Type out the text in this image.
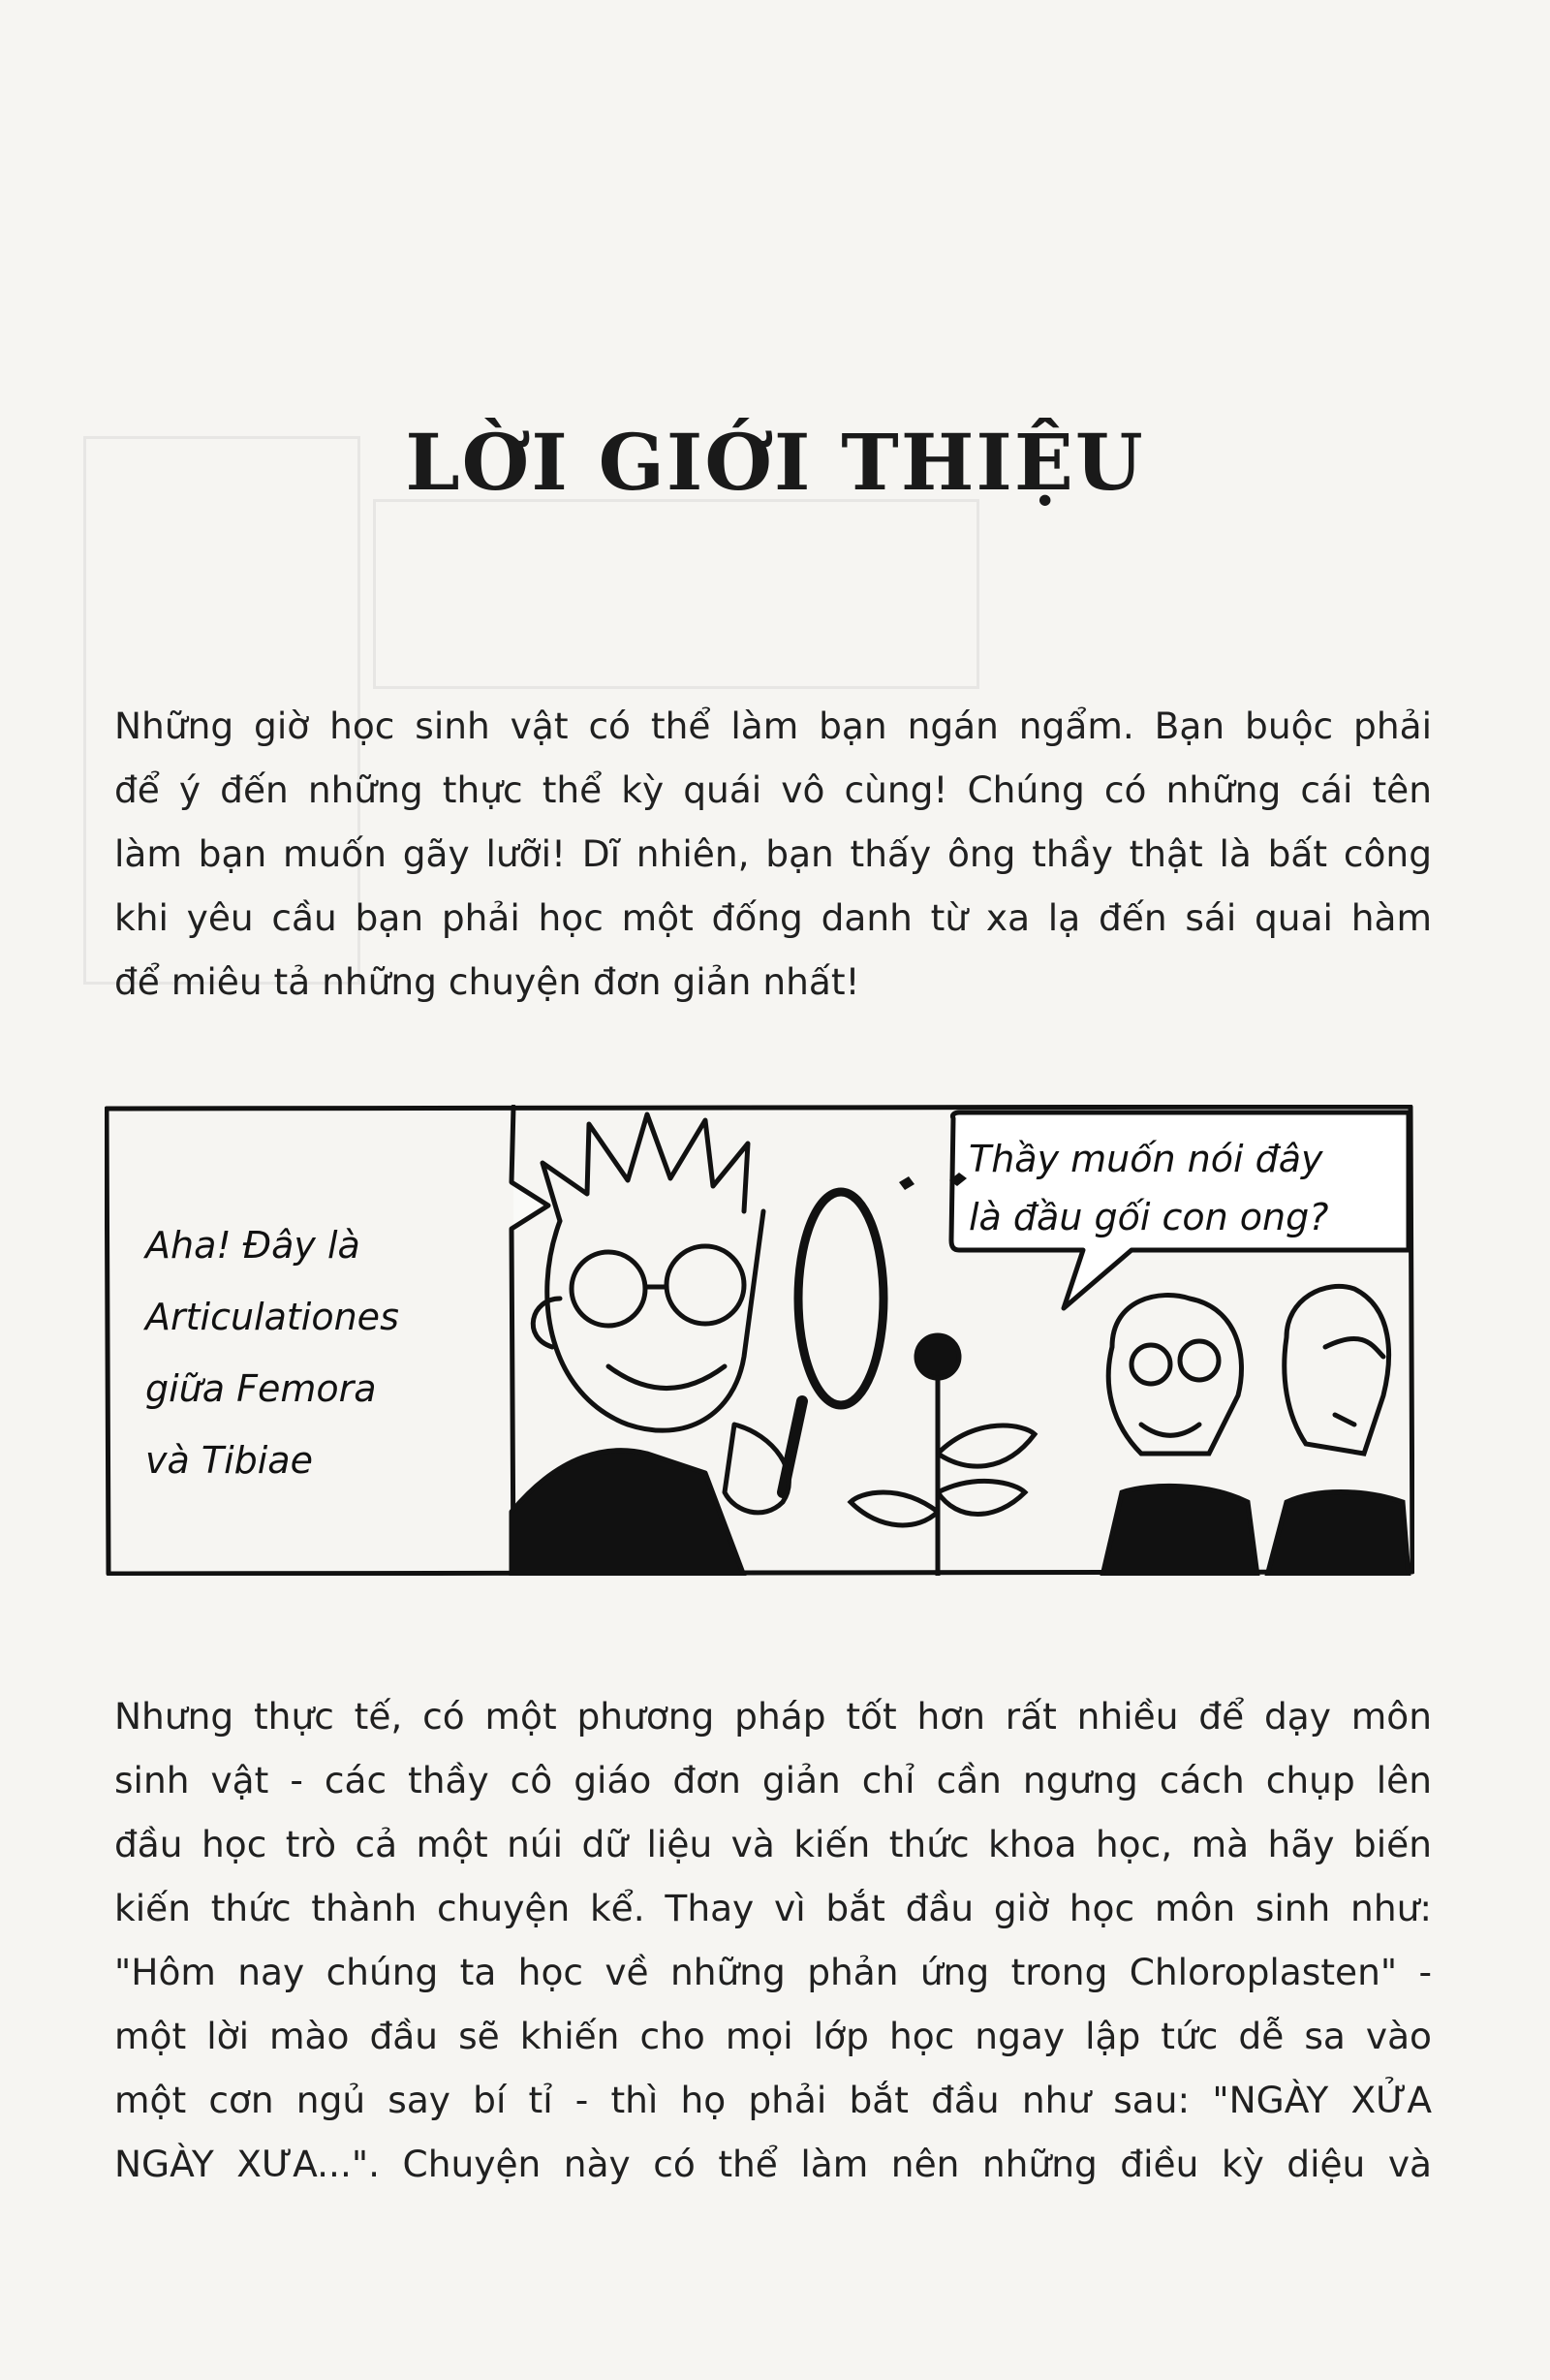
LỜI GIỚI THIỆU
Những giờ học sinh vật có thể làm bạn ngán ngẩm. Bạn buộc phải
để ý đến những thực thể kỳ quái vô cùng! Chúng có những cái tên
làm bạn muốn gãy lưỡi! Dĩ nhiên, bạn thấy ông thầy thật là bất công
khi yêu cầu bạn phải học một đống danh từ xa lạ đến sái quai hàm
để miêu tả những chuyện đơn giản nhất!
Aha! Đây là
Articulationes
giữa Femora
và Tibiae
Thầy muốn nói đây
là đầu gối con ong?
Nhưng thực tế, có một phương pháp tốt hơn rất nhiều để dạy môn
sinh vật - các thầy cô giáo đơn giản chỉ cần ngưng cách chụp lên
đầu học trò cả một núi dữ liệu và kiến thức khoa học, mà hãy biến
kiến thức thành chuyện kể. Thay vì bắt đầu giờ học môn sinh như:
"Hôm nay chúng ta học về những phản ứng trong Chloroplasten" -
một lời mào đầu sẽ khiến cho mọi lớp học ngay lập tức dễ sa vào
một cơn ngủ say bí tỉ - thì họ phải bắt đầu như sau: "NGÀY XỬA
NGÀY XƯA...". Chuyện này có thể làm nên những điều kỳ diệu và
